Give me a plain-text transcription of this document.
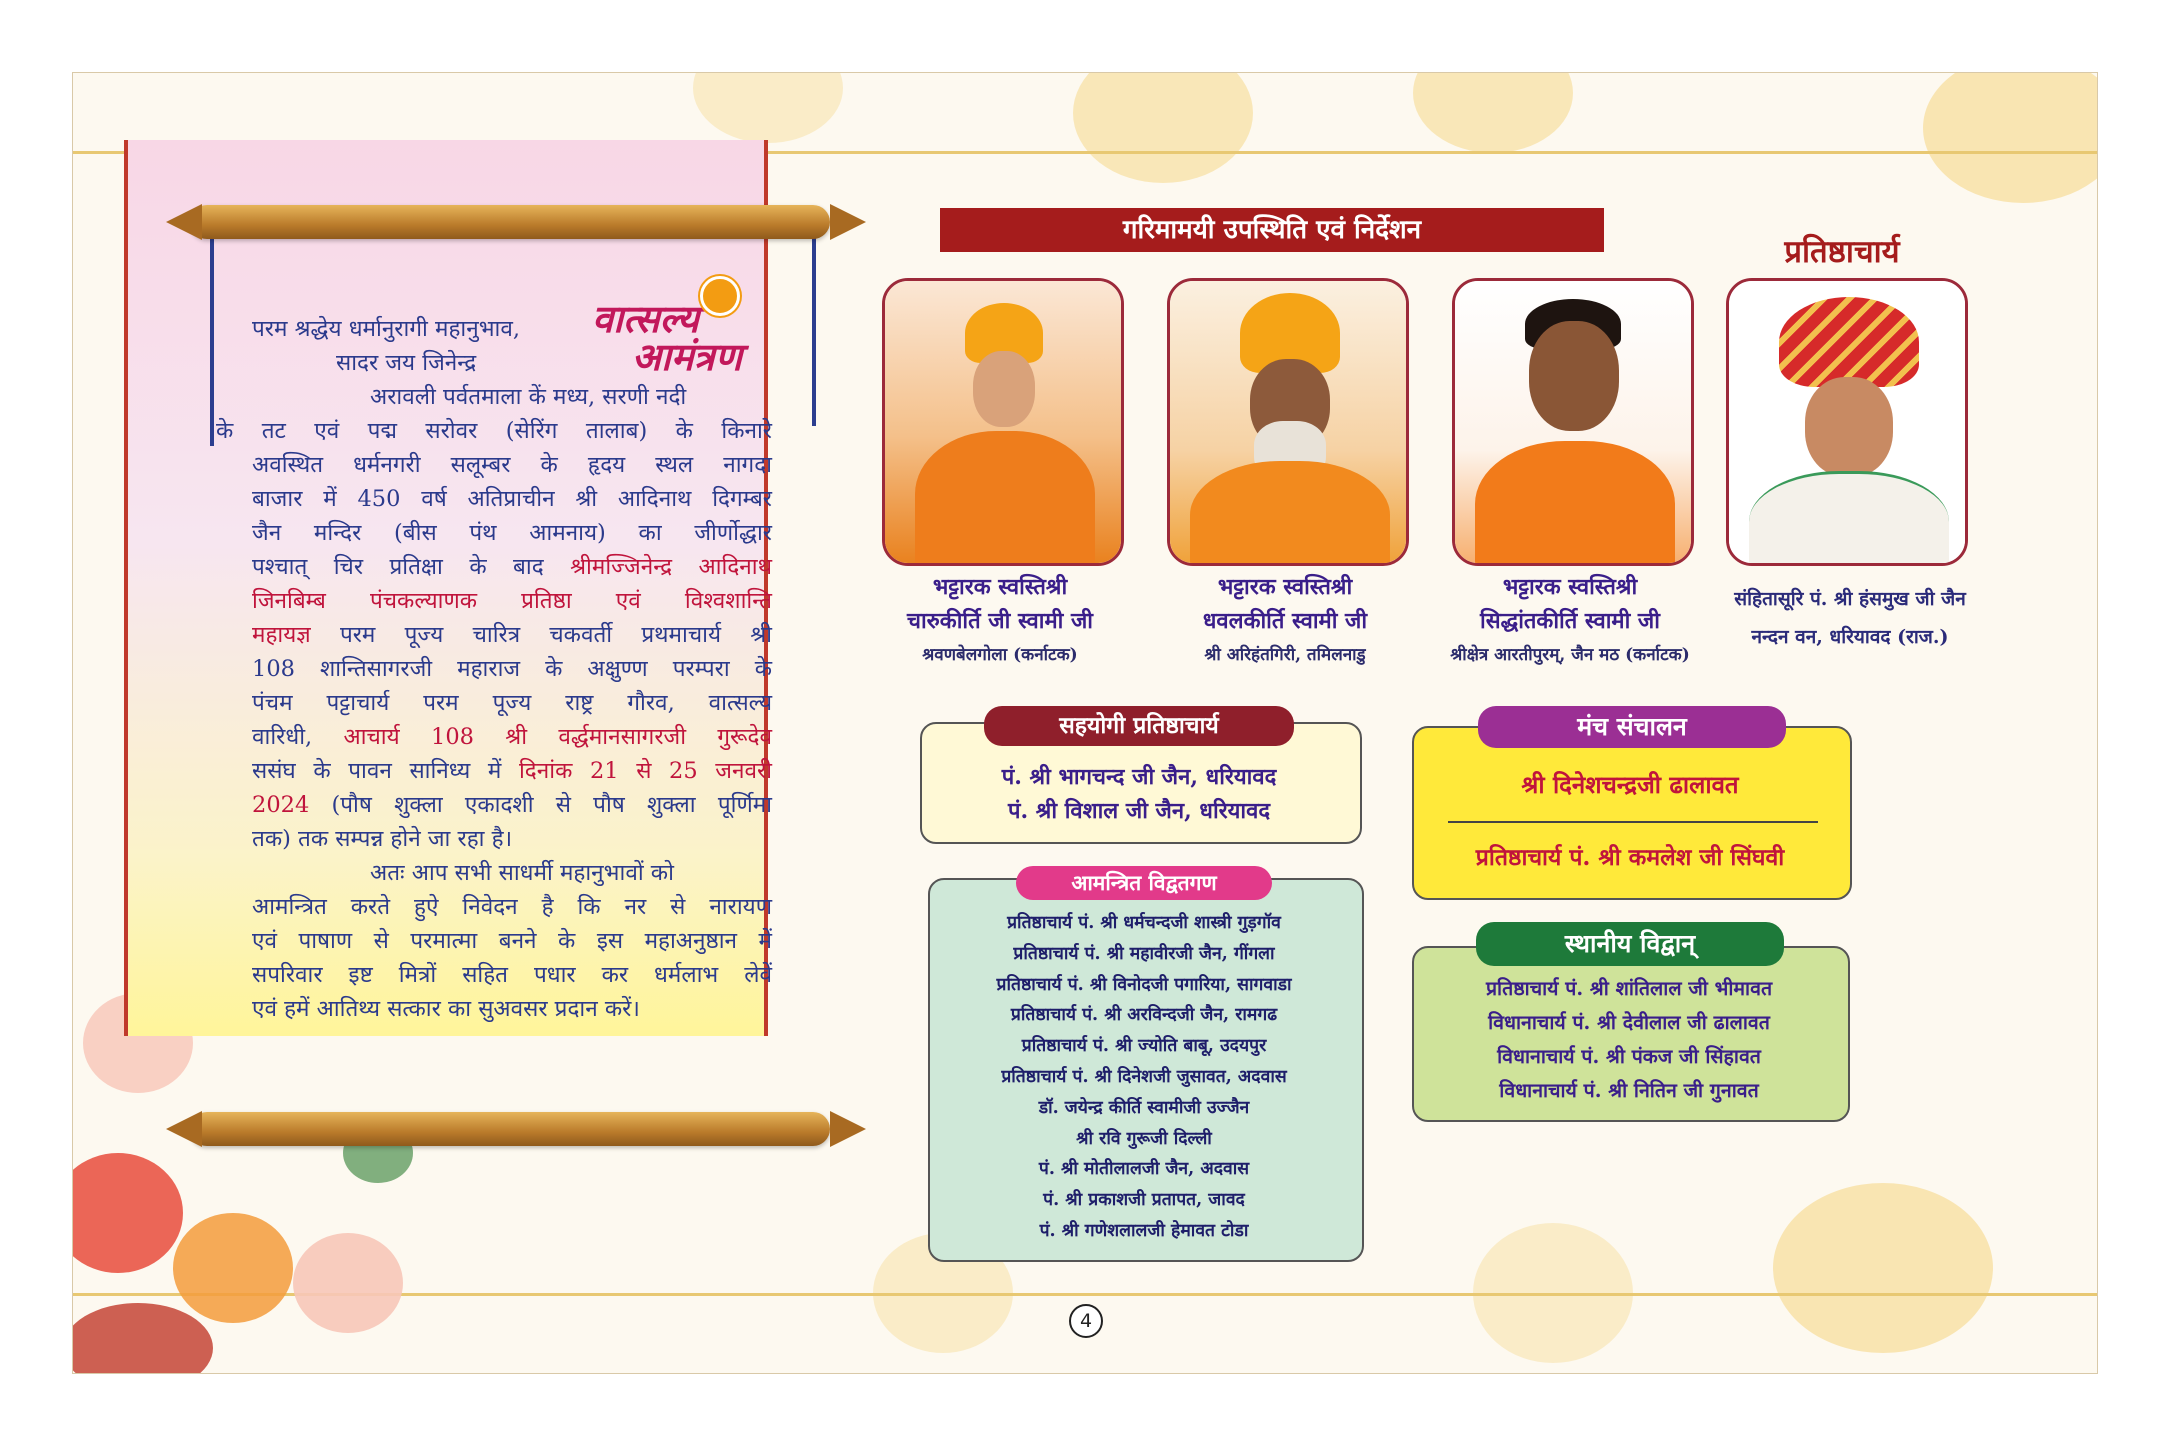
वात्सल्य
आमंत्रण
परम श्रद्धेय धर्मानुरागी महानुभाव,
सादर जय जिनेन्द्र
अरावली पर्वतमाला कें मध्य, सरणी नदी
के तट एवं पद्म सरोवर (सेरिंग तालाब) के किनारे
अवस्थित धर्मनगरी सलूम्बर के हृदय स्थल नागदा
बाजार में 450 वर्ष अतिप्राचीन श्री आदिनाथ दिगम्बर
जैन मन्दिर (बीस पंथ आमनाय) का जीर्णोद्धार
पश्चात् चिर प्रतिक्षा के बाद श्रीमज्जिनेन्द्र आदिनाथ
जिनबिम्ब पंचकल्याणक प्रतिष्ठा एवं विश्वशान्ति
महायज्ञ परम पूज्य चारित्र चकवर्ती प्रथमाचार्य श्री
108 शान्तिसागरजी महाराज के अक्षुण्ण परम्परा के
पंचम पट्टाचार्य परम पूज्य राष्ट्र गौरव, वात्सल्य
वारिधी, आचार्य 108 श्री वर्द्धमानसागरजी गुरूदेव
ससंघ के पावन सानिध्य में दिनांक 21 से 25 जनवरी
2024 (पौष शुक्ला एकादशी से पौष शुक्ला पूर्णिमा
तक) तक सम्पन्न होने जा रहा है।
अतः आप सभी साधर्मी महानुभावों को
आमन्त्रित करते हुऐ निवेदन है कि नर से नारायण
एवं पाषाण से परमात्मा बनने के इस महाअनुष्ठान में
सपरिवार इष्ट मित्रों सहित पधार कर धर्मलाभ लेवें
एवं हमें आतिथ्य सत्कार का सुअवसर प्रदान करें।
गरिमामयी उपस्थिति एवं निर्देशन
प्रतिष्ठाचार्य
भट्टारक स्वस्तिश्री
चारुकीर्ति जी स्वामी जी
श्रवणबेलगोला (कर्नाटक)
भट्टारक स्वस्तिश्री
धवलकीर्ति स्वामी जी
श्री अरिहंतगिरी, तमिलनाडु
भट्टारक स्वस्तिश्री
सिद्धांतकीर्ति स्वामी जी
श्रीक्षेत्र आरतीपुरम्, जैन मठ (कर्नाटक)
संहितासूरि पं. श्री हंसमुख जी जैन
नन्दन वन, धरियावद (राज.)
सहयोगी प्रतिष्ठाचार्य
पं. श्री भागचन्द जी जैन, धरियावद
पं. श्री विशाल जी जैन, धरियावद
मंच संचालन
श्री दिनेशचन्द्रजी ढालावत
प्रतिष्ठाचार्य पं. श्री कमलेश जी सिंघवी
आमन्त्रित विद्वतगण
प्रतिष्ठाचार्य पं. श्री धर्मचन्दजी शास्त्री गुड़गॉव
प्रतिष्ठाचार्य पं. श्री महावीरजी जैन, गींगला
प्रतिष्ठाचार्य पं. श्री विनोदजी पगारिया, सागवाडा
प्रतिष्ठाचार्य पं. श्री अरविन्दजी जैन, रामगढ
प्रतिष्ठाचार्य पं. श्री ज्योति बाबू, उदयपुर
प्रतिष्ठाचार्य पं. श्री दिनेशजी जुसावत, अदवास
डॉ. जयेन्द्र कीर्ति स्वामीजी उज्जैन
श्री रवि गुरूजी दिल्ली
पं. श्री मोतीलालजी जैन, अदवास
पं. श्री प्रकाशजी प्रतापत, जावद
पं. श्री गणेशलालजी हेमावत टोडा
स्थानीय विद्वान्
प्रतिष्ठाचार्य पं. श्री शांतिलाल जी भीमावत
विधानाचार्य पं. श्री देवीलाल जी ढालावत
विधानाचार्य पं. श्री पंकज जी सिंहावत
विधानाचार्य पं. श्री नितिन जी गुनावत
4
